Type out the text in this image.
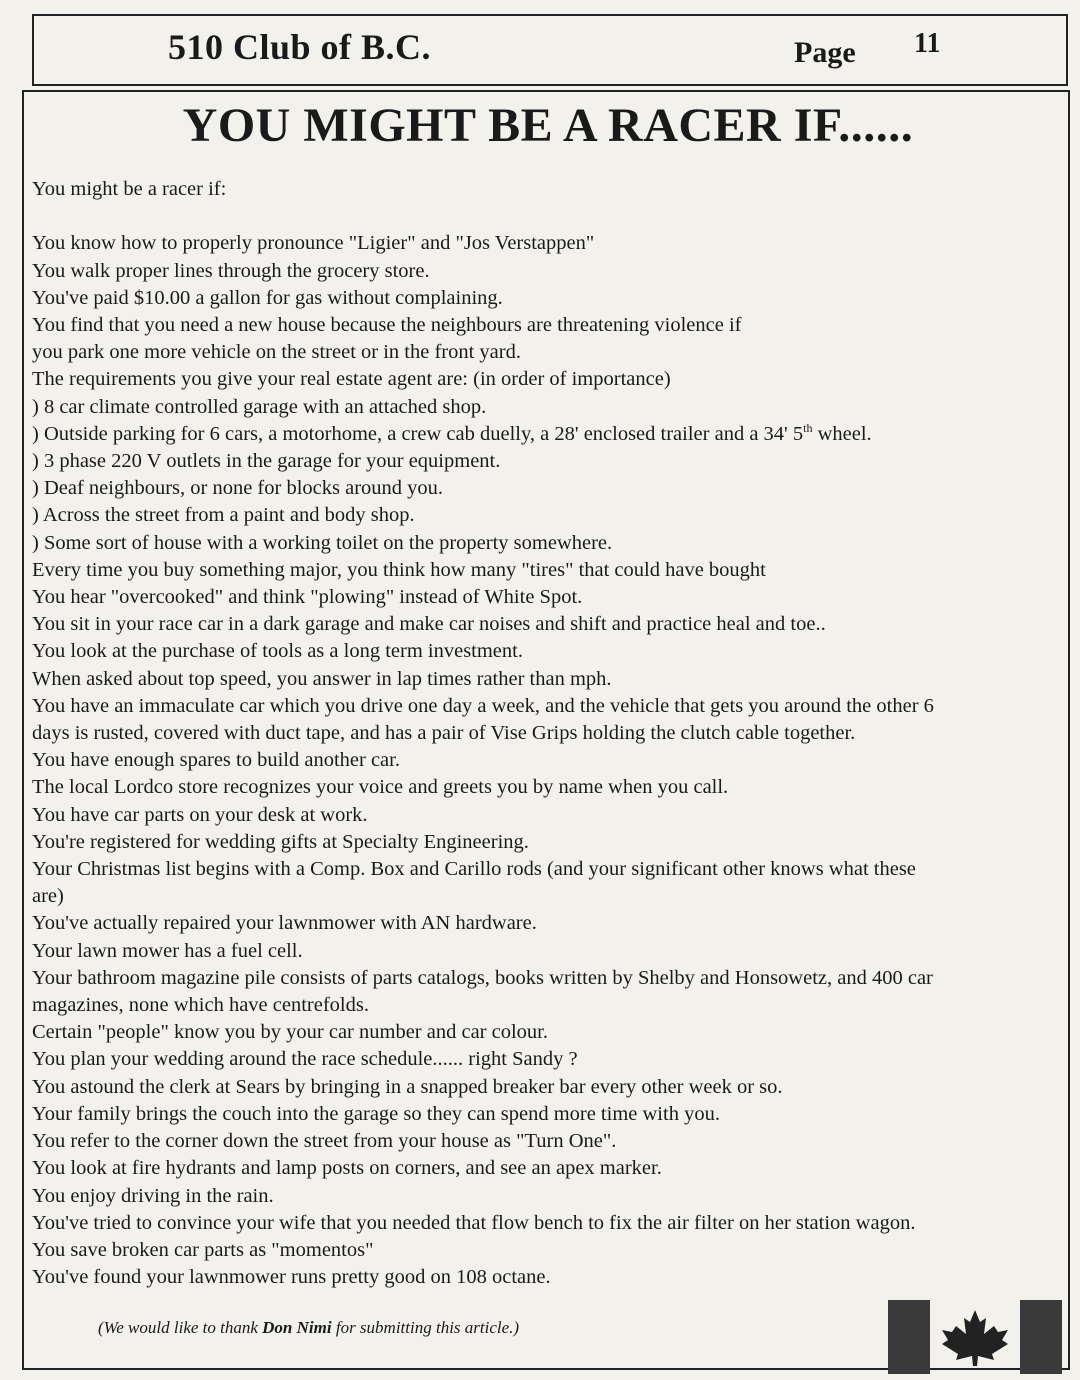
510 Club of B.C.	Page 11
YOU MIGHT BE A RACER IF......
You might be a racer if:
You know how to properly pronounce "Ligier" and "Jos Verstappen"
You walk proper lines through the grocery store.
You've paid $10.00 a gallon for gas without complaining.
You find that you need a new house because the neighbours are threatening violence if
you park one more vehicle on the street or in the front yard.
The requirements you give your real estate agent are: (in order of importance)
) 8 car climate controlled garage with an attached shop.
) Outside parking for 6 cars, a motorhome, a crew cab duelly, a 28' enclosed trailer and a 34' 5th wheel.
) 3 phase 220 V outlets in the garage for your equipment.
) Deaf neighbours, or none for blocks around you.
) Across the street from a paint and body shop.
) Some sort of house with a working toilet on the property somewhere.
Every time you buy something major, you think how many "tires" that could have bought
You hear "overcooked" and think "plowing" instead of White Spot.
You sit in your race car in a dark garage and make car noises and shift and practice heal and toe..
You look at the purchase of tools as a long term investment.
When asked about top speed, you answer in lap times rather than mph.
You have an immaculate car which you drive one day a week, and the vehicle that gets you around the other 6
days is rusted, covered with duct tape, and has a pair of Vise Grips holding the clutch cable together.
You have enough spares to build another car.
The local Lordco store recognizes your voice and greets you by name when you call.
You have car parts on your desk at work.
You're registered for wedding gifts at Specialty Engineering.
Your Christmas list begins with a Comp. Box and Carillo rods (and your significant other knows what these
are)
You've actually repaired your lawnmower with AN hardware.
Your lawn mower has a fuel cell.
Your bathroom magazine pile consists of parts catalogs, books written by Shelby and Honsowetz, and 400 car
magazines, none which have centrefolds.
Certain "people" know you by your car number and car colour.
You plan your wedding around the race schedule...... right Sandy ?
You astound the clerk at Sears by bringing in a snapped breaker bar every other week or so.
Your family brings the couch into the garage so they can spend more time with you.
You refer to the corner down the street from your house as "Turn One".
You look at fire hydrants and lamp posts on corners, and see an apex marker.
You enjoy driving in the rain.
You've tried to convince your wife that you needed that flow bench to fix the air filter on her station wagon.
You save broken car parts as "momentos"
You've found your lawnmower runs pretty good on 108 octane.
(We would like to thank Don Nimi for submitting this article.)
